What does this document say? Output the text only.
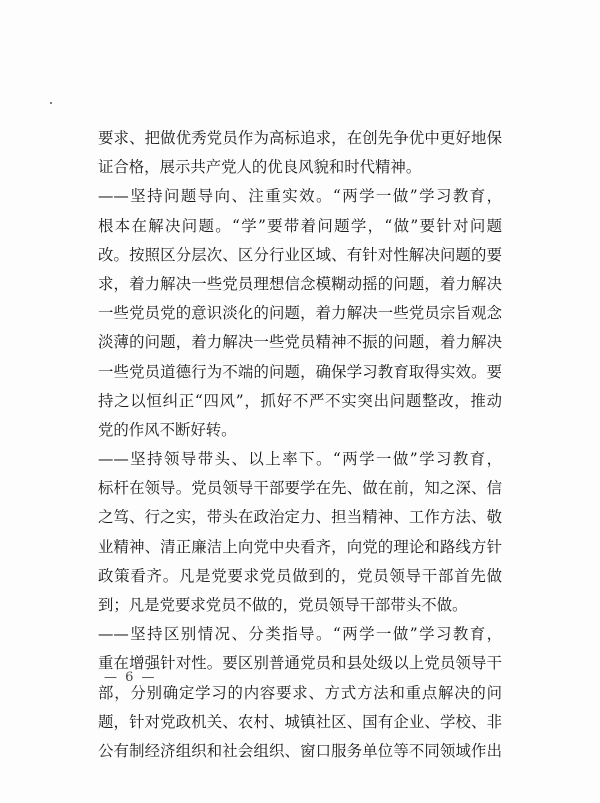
要求、把做优秀党员作为高标追求，在创先争优中更好地保
证合格，展示共产党人的优良风貌和时代精神。
——坚持问题导向、注重实效。“两学一做”学习教育，
根本在解决问题。“学”要带着问题学，“做”要针对问题
改。按照区分层次、区分行业区域、有针对性解决问题的要
求，着力解决一些党员理想信念模糊动摇的问题，着力解决
一些党员党的意识淡化的问题，着力解决一些党员宗旨观念
淡薄的问题，着力解决一些党员精神不振的问题，着力解决
一些党员道德行为不端的问题，确保学习教育取得实效。要
持之以恒纠正“四风”，抓好不严不实突出问题整改，推动
党的作风不断好转。
——坚持领导带头、以上率下。“两学一做”学习教育，
标杆在领导。党员领导干部要学在先、做在前，知之深、信
之笃、行之实，带头在政治定力、担当精神、工作方法、敬
业精神、清正廉洁上向党中央看齐，向党的理论和路线方针
政策看齐。凡是党要求党员做到的，党员领导干部首先做
到；凡是党要求党员不做的，党员领导干部带头不做。
——坚持区别情况、分类指导。“两学一做”学习教育，
重在增强针对性。要区别普通党员和县处级以上党员领导干
部，分别确定学习的内容要求、方式方法和重点解决的问
题，针对党政机关、农村、城镇社区、国有企业、学校、非
公有制经济组织和社会组织、窗口服务单位等不同领域作出
— 6 —
